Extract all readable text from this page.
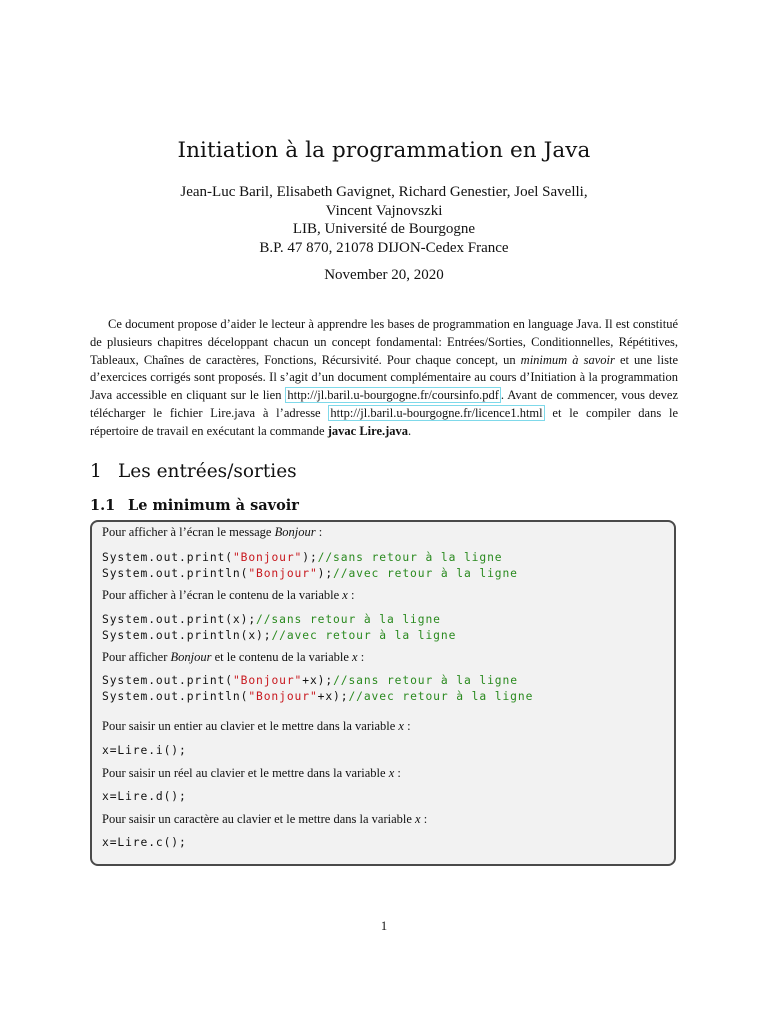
Initiation à la programmation en Java
Jean-Luc Baril, Elisabeth Gavignet, Richard Genestier, Joel Savelli,
Vincent Vajnovszki
LIB, Université de Bourgogne
B.P. 47 870, 21078 DIJON-Cedex France
November 20, 2020

Ce document propose d’aider le lecteur à apprendre les bases de programmation en language Java. Il est constitué de plusieurs chapitres déceloppant chacun un concept fondamental: Entrées/Sorties, Conditionnelles, Répétitives, Tableaux, Chaînes de caractères, Fonctions, Récursivité. Pour chaque concept, un minimum à savoir et une liste d’exercices corrigés sont proposés. Il s’agit d’un document complémentaire au cours d’Initiation à la programmation Java accessible en cliquant sur le lien http://jl.baril.u-bourgogne.fr/coursinfo.pdf . Avant de commencer, vous devez télécharger le fichier Lire.java à l’adresse http://jl.baril.u-bourgogne.fr/licence1.html et le compiler dans le répertoire de travail en exécutant la commande javac Lire.java.

1 Les entrées/sorties
1.1 Le minimum à savoir
Pour afficher à l’écran le message Bonjour :
System.out.print("Bonjour");//sans retour à la ligne
System.out.println("Bonjour");//avec retour à la ligne
Pour afficher à l’écran le contenu de la variable x :
System.out.print(x);//sans retour à la ligne
System.out.println(x);//avec retour à la ligne
Pour afficher Bonjour et le contenu de la variable x :
System.out.print("Bonjour"+x);//sans retour à la ligne
System.out.println("Bonjour"+x);//avec retour à la ligne
Pour saisir un entier au clavier et le mettre dans la variable x :
x=Lire.i();
Pour saisir un réel au clavier et le mettre dans la variable x :
x=Lire.d();
Pour saisir un caractère au clavier et le mettre dans la variable x :
x=Lire.c();
1
